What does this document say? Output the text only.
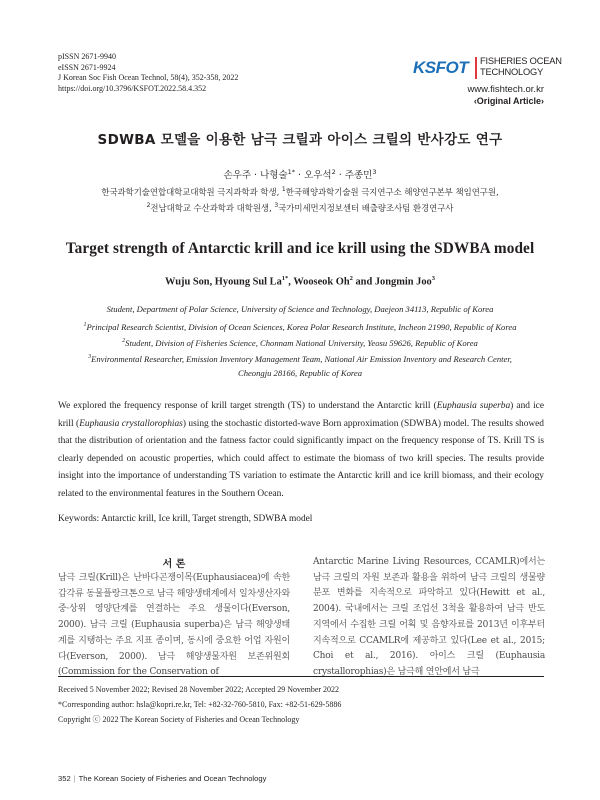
pISSN 2671-9940
eISSN 2671-9924
J Korean Soc Fish Ocean Technol, 58(4), 352-358, 2022
https://doi.org/10.3796/KSFOT.2022.58.4.352
KSFOT	FISHERIES OCEAN
TECHNOLOGY
www.fishtech.or.kr
‹Original Article›
SDWBA 모델을 이용한 남극 크릴과 아이스 크릴의 반사강도 연구
손우주 · 나형술$^{1*}$ · 오우석$^2$ · 주종민$^3$
한국과학기술연합대학교대학원 극지과학과 학생, $^1$한국해양과학기술원 극지연구소 해양연구본부 책임연구원,
$^2$전남대학교 수산과학과 대학원생, $^3$국가미세먼지정보센터 배출량조사팀 환경연구사
Target strength of Antarctic krill and ice krill using the SDWBA model
Wuju Son, Hyoung Sul $La^{1*}$, Wooseok Oh$^2$ and Jongmin Joo$^3$
Student, Department of Polar Science, University of Science and Technology, Daejeon 34113, Republic of Korea
$^1$Principal Research Scientist, Division of Ocean Sciences, Korea Polar Research Institute, Incheon 21990, Republic of Korea
$^2$Student, Division of Fisheries Science, Chonnam National University, Yeosu 59626, Republic of Korea
$^3$Environmental Researcher, Emission Inventory Management Team, National Air Emission Inventory and Research Center,
Cheongju 28166, Republic of Korea
We explored the frequency response of krill target strength (TS) to understand the Antarctic krill (Euphausia superba) and ice krill (Euphausia crystallorophias) using the stochastic distorted-wave Born approximation (SDWBA) model. The results showed that the distribution of orientation and the fatness factor could significantly impact on the frequency response of TS. Krill TS is clearly depended on acoustic properties, which could affect to estimate the biomass of two krill species. The results provide insight into the importance of understanding TS variation to estimate the Antarctic krill and ice krill biomass, and their ecology related to the environmental features in the Southern Ocean.
Keywords: Antarctic krill, Ice krill, Target strength, SDWBA model
서 론
남극 크릴(Krill)은 난바다곤쟁이목(Euphausiacea)에 속한 갑각류 동물플랑크톤으로 남극 해양생태계에서 일차생산자와 중·상위 영양단계를 연결하는 주요 생물이다(Everson, 2000). 남극 크릴 (Euphausia superba)은 남극 해양생태계를 지탱하는 주요 지표 종이며, 동시에 중요한 어업 자원이다(Everson, 2000). 남극 해양생물자원 보존위원회(Commission for the Conservation of
Antarctic Marine Living Resources, CCAMLR)에서는 남극 크릴의 자원 보존과 활용을 위하여 남극 크릴의 생물량 분포 변화를 지속적으로 파악하고 있다(Hewitt et al., 2004). 국내에서는 크릴 조업선 3척을 활용하여 남극 반도 지역에서 수집한 크릴 어획 및 음향자료를 2013년 이후부터 지속적으로 CCAMLR에 제공하고 있다(Lee et al., 2015; Choi et al., 2016). 아이스 크릴 (Euphausia crystallorophias)은 남극해 연안에서 남극
Received 5 November 2022; Revised 28 November 2022; Accepted 29 November 2022
*Corresponding author: hsla@kopri.re.kr, Tel: +82-32-760-5810, Fax: +82-51-629-5886
Copyright ⓒ 2022 The Korean Society of Fisheries and Ocean Technology
352 | The Korean Society of Fisheries and Ocean Technology
